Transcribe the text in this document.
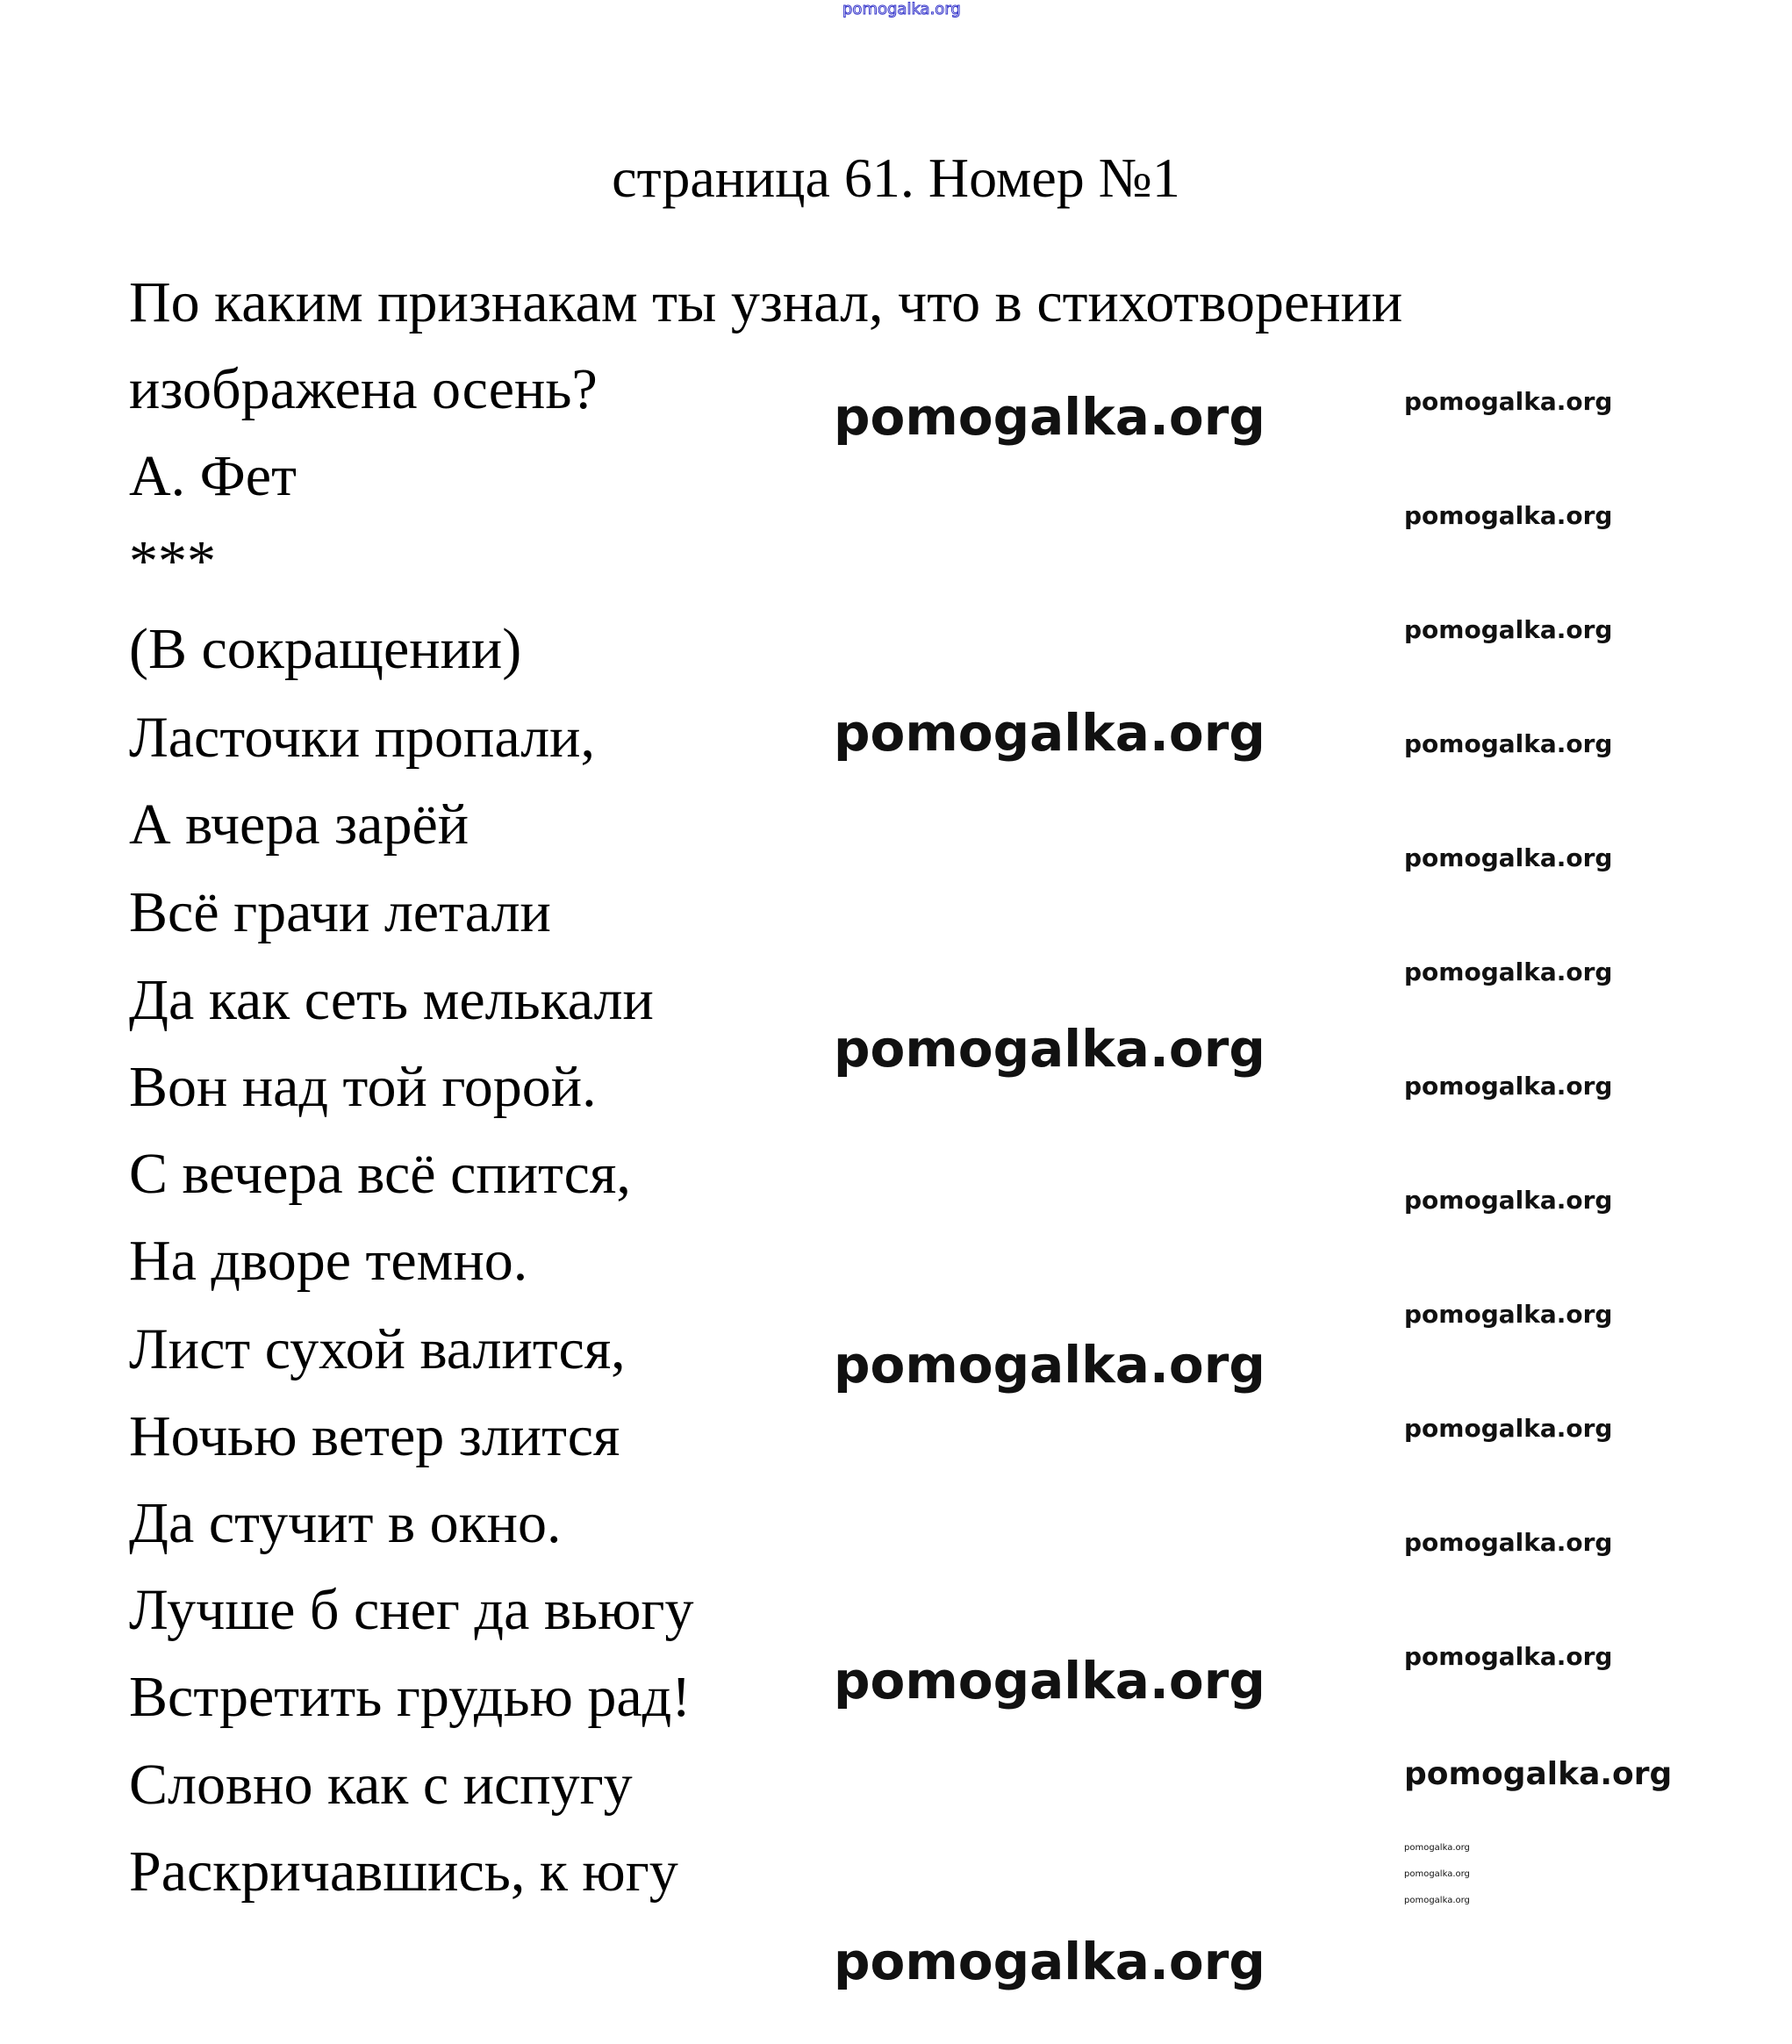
pomogalka.org
страница 61. Номер №1
По каким признакам ты узнал, что в стихотворении
изображена осень?
А. Фет
***
(В сокращении)
Ласточки пропали,
А вчера зарёй
Всё грачи летали
Да как сеть мелькали
Вон над той горой.
С вечера всё спится,
На дворе темно.
Лист сухой валится,
Ночью ветер злится
Да стучит в окно.
Лучше б снег да вьюгу
Встретить грудью рад!
Словно как с испугу
Раскричавшись, к югу
pomogalka.org
pomogalka.org
pomogalka.org
pomogalka.org
pomogalka.org
pomogalka.org
pomogalka.org
pomogalka.org
pomogalka.org
pomogalka.org
pomogalka.org
pomogalka.org
pomogalka.org
pomogalka.org
pomogalka.org
pomogalka.org
pomogalka.org
pomogalka.org
pomogalka.org
pomogalka.org
pomogalka.org
pomogalka.org
